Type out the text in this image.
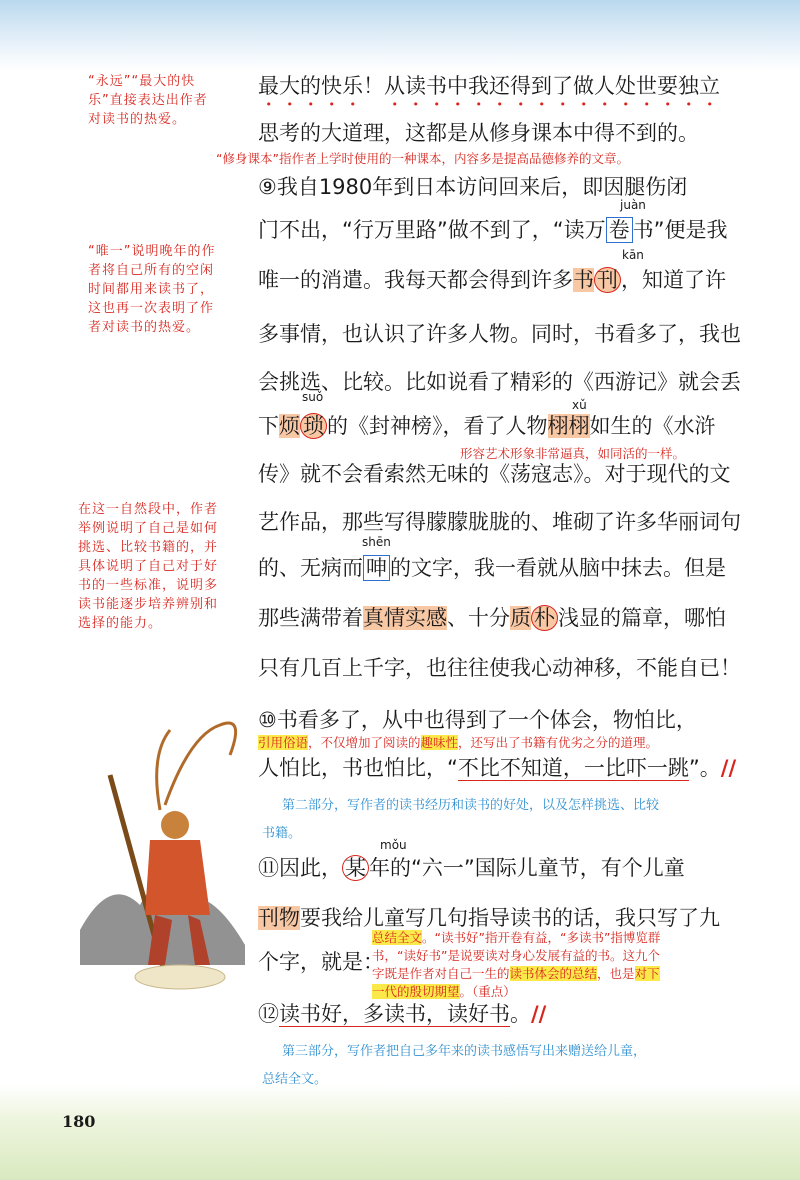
“永远”“最大的快乐”直接表达出作者对读书的热爱。
“唯一”说明晚年的作者将自己所有的空闲时间都用来读书了，这也再一次表明了作者对读书的热爱。
在这一自然段中，作者举例说明了自己是如何挑选、比较书籍的，并具体说明了自己对于好书的一些标准，说明多读书能逐步培养辨别和选择的能力。
最大的快乐！从读书中我还得到了做人处世要独立
思考的大道理，这都是从修身课本中得不到的。
“修身课本”指作者上学时使用的一种课本，内容多是提高品德修养的文章。
⑨我自1980年到日本访问回来后，即因腿伤闭
juàn
门不出，“行万里路”做不到了，“读万 卷 书”便是我
kān
唯一的消遣。我每天都会得到许多书 刊 ，知道了许
多事情，也认识了许多人物。同时，书看多了，我也
会挑选、比较。比如说看了精彩的《西游记》就会丢
suǒ
xǔ
下烦 琐 的《封神榜》，看了人物栩栩如生的《水浒
形容艺术形象非常逼真，如同活的一样。
传》就不会看索然无味的《荡寇志》。对于现代的文
艺作品，那些写得朦朦胧胧的、堆砌了许多华丽词句
shēn
的、无病而 呻 的文字，我一看就从脑中抹去。但是
那些满带着真情实感、十分质 朴 浅显的篇章，哪怕
只有几百上千字，也往往使我心动神移，不能自已！
⑩书看多了，从中也得到了一个体会，物怕比，
引用俗语，不仅增加了阅读的趣味性，还写出了书籍有优劣之分的道理。
人怕比，书也怕比，“不比不知道，一比吓一跳”。//
第二部分，写作者的读书经历和读书的好处，以及怎样挑选、比较
书籍。
mǒu
⑪因此， 某 年的“六一”国际儿童节，有个儿童
刊物要我给儿童写几句指导读书的话，我只写了九
总结全文。“读书好”指开卷有益，“多读书”指博览群
个字，就是：
书，“读好书”是说要读对身心发展有益的书。这九个
字既是作者对自己一生的读书体会的总结，也是对下
一代的殷切期望。（重点）
⑫读书好，多读书，读好书。//
第三部分，写作者把自己多年来的读书感悟写出来赠送给儿童，
总结全文。
180
